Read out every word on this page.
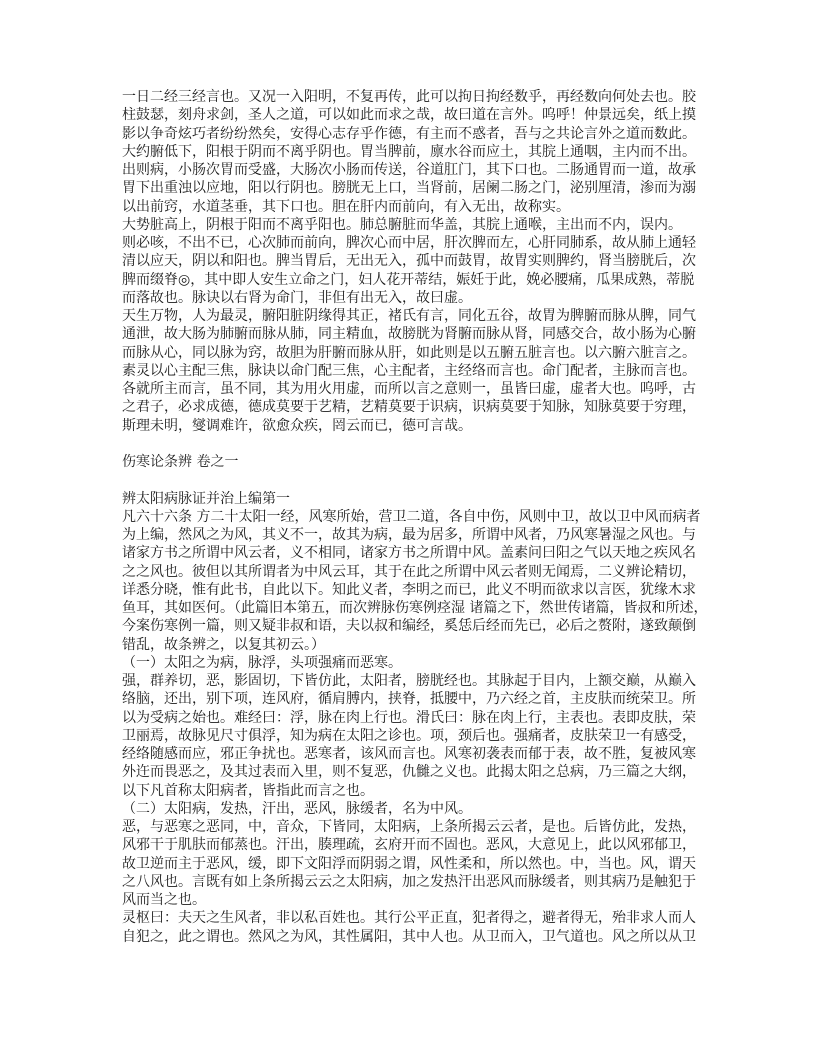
一日二经三经言也。又况一入阳明，不复再传，此可以拘日拘经数乎，再经数向何处去也。胶
柱鼓瑟，刻舟求剑，圣人之道，可以如此而求之哉，故曰道在言外。呜呼！仲景远矣，纸上摸
影以争奇炫巧者纷纷然矣，安得心志存乎作德，有主而不惑者，吾与之共论言外之道而数此。
大约腑低下，阳根于阴而不离乎阴也。胃当脾前，廪水谷而应土，其脘上通咽，主内而不出。
出则病，小肠次胃而受盛，大肠次小肠而传送，谷道肛门，其下口也。二肠通胃而一道，故承
胃下出重浊以应地，阳以行阴也。膀胱无上口，当肾前，居阑二肠之门，泌别厘清，渗而为溺
以出前窍，水道茎垂，其下口也。胆在肝内而前向，有入无出，故称实。
大势脏高上，阴根于阳而不离乎阳也。肺总腑脏而华盖，其脘上通喉，主出而不内，误内。
则必咳，不出不已，心次肺而前向，脾次心而中居，肝次脾而左，心肝同肺系，故从肺上通轻
清以应天，阴以和阳也。脾当胃后，无出无入，孤中而鼓胃，故胃实则脾约，肾当膀胱后，次
脾而缀脊◎，其中即人安生立命之门，妇人花开蒂结，娠妊于此，娩必腰痛，瓜果成熟，蒂脱
而落故也。脉诀以右肾为命门，非但有出无入，故曰虚。
天生万物，人为最灵，腑阳脏阴缘得其正，褚氏有言，同化五谷，故胃为脾腑而脉从脾，同气
通泄，故大肠为肺腑而脉从肺，同主精血，故膀胱为肾腑而脉从肾，同感交合，故小肠为心腑
而脉从心，同以脉为窍，故胆为肝腑而脉从肝，如此则是以五腑五脏言也。以六腑六脏言之。
素灵以心主配三焦，脉诀以命门配三焦，心主配者，主经络而言也。命门配者，主脉而言也。
各就所主而言，虽不同，其为用火用虚，而所以言之意则一，虽皆曰虚，虚者大也。呜呼，古
之君子，必求成德，德成莫要于艺精，艺精莫要于识病，识病莫要于知脉，知脉莫要于穷理，
斯理未明，燮调难许，欲愈众疾，罔云而已，德可言哉。
伤寒论条辨 卷之一
辨太阳病脉证并治上编第一
凡六十六条 方二十太阳一经，风寒所始，营卫二道，各自中伤，风则中卫，故以卫中风而病者
为上编，然风之为风，其义不一，故其为病，最为居多，所谓中风者，乃风寒暑湿之风也。与
诸家方书之所谓中风云者，义不相同，诸家方书之所谓中风。盖素问曰阳之气以天地之疾风名
之之风也。彼但以其所谓者为中风云耳，其于在此之所谓中风云者则无闻焉，二义辨论精切，
详悉分晓，惟有此书，自此以下。知此义者，李明之而已，此义不明而欲求以言医，犹缘木求
鱼耳，其如医何。（此篇旧本第五，而次辨脉伤寒例痉湿 诸篇之下，然世传诸篇，皆叔和所述，
今案伤寒例一篇，则又疑非叔和语，夫以叔和编经，奚恁后经而先已，必后之赘附，遂致颠倒
错乱，故条辨之，以复其初云。）
（一）太阳之为病，脉浮，头项强痛而恶寒。
强，群养切，恶，影固切，下皆仿此，太阳者，膀胱经也。其脉起于目内，上额交巅，从巅入
络脑，还出，别下项，连风府，循肩膊内，挟脊，抵腰中，乃六经之首，主皮肤而统荣卫。所
以为受病之始也。难经曰：浮，脉在肉上行也。滑氏曰：脉在肉上行，主表也。表即皮肤，荣
卫丽焉，故脉见尺寸俱浮，知为病在太阳之诊也。项，颈后也。强痛者，皮肤荣卫一有感受，
经络随感而应，邪正争扰也。恶寒者，该风而言也。风寒初袭表而郁于表，故不胜，复被风寒
外迕而畏恶之，及其过表而入里，则不复恶，仇雠之义也。此揭太阳之总病，乃三篇之大纲，
以下凡首称太阳病者，皆指此而言之也。
（二）太阳病，发热，汗出，恶风，脉缓者，名为中风。
恶，与恶寒之恶同，中，音众，下皆同，太阳病，上条所揭云云者，是也。后皆仿此，发热，
风邪干于肌肤而郁蒸也。汗出，腠理疏，玄府开而不固也。恶风，大意见上，此以风邪郁卫，
故卫逆而主于恶风，缓，即下文阳浮而阴弱之谓，风性柔和，所以然也。中，当也。风，谓天
之八风也。言既有如上条所揭云云之太阳病，加之发热汗出恶风而脉缓者，则其病乃是触犯于
风而当之也。
灵枢曰：夫天之生风者，非以私百姓也。其行公平正直，犯者得之，避者得无，殆非求人而人
自犯之，此之谓也。然风之为风，其性属阳，其中人也。从卫而入，卫气道也。风之所以从卫
